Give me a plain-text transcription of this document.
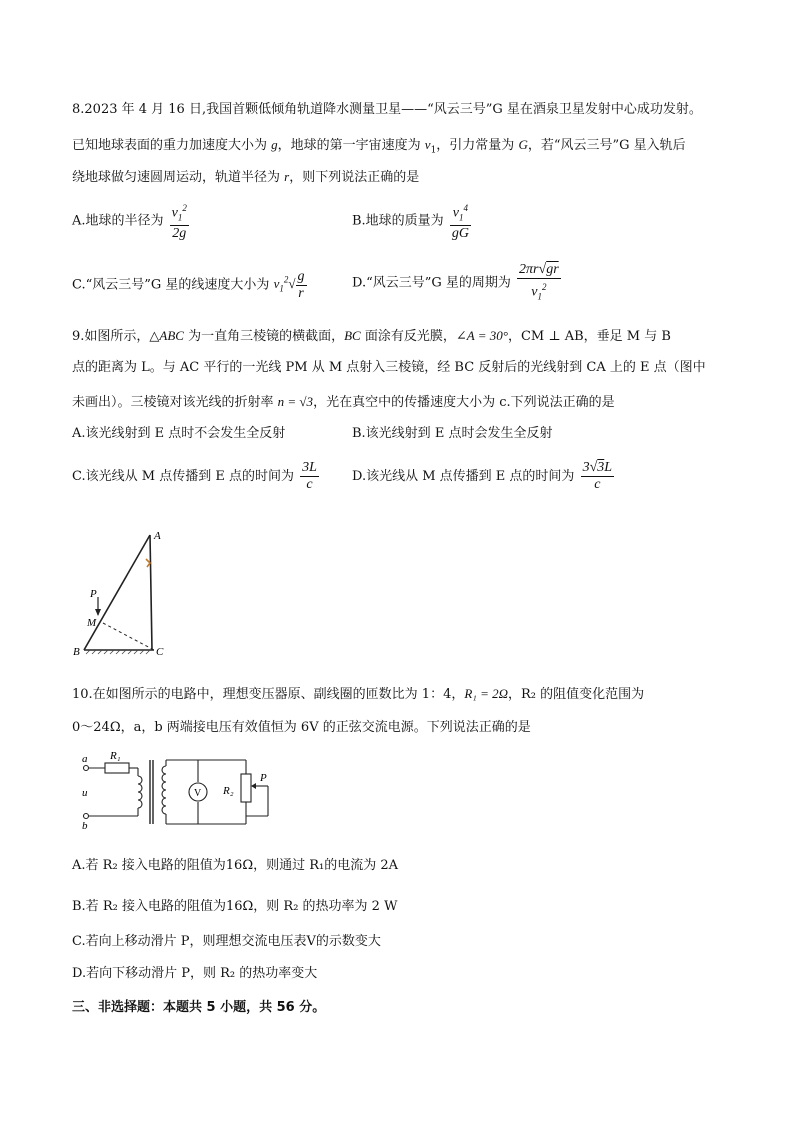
8.2023 年 4 月 16 日,我国首颗低倾角轨道降水测量卫星——“风云三号”G 星在酒泉卫星发射中心成功发射。
已知地球表面的重力加速度大小为 g，地球的第一宇宙速度为 $v_1$，引力常量为 G，若“风云三号”G 星入轨后
绕地球做匀速圆周运动，轨道半径为 r，则下列说法正确的是
A.地球的半径为 $\frac{v_1^2}{2g}$	B.地球的质量为 $\frac{v_1^4}{gG}$
C.“风云三号”G 星的线速度大小为 $v_1^2√ \frac{g}{r}$	D.“风云三号”G 星的周期为 $\frac{2\pi r√gr}{v_1^2}$
9.如图所示，△ABC 为一直角三棱镜的横截面，BC 面涂有反光膜，∠A = 30°，CM ⊥ AB，垂足 M 与 B
点的距离为 L。与 AC 平行的一光线 PM 从 M 点射入三棱镜，经 BC 反射后的光线射到 CA 上的 E 点（图中
未画出）。三棱镜对该光线的折射率 n = √3，光在真空中的传播速度大小为 c.下列说法正确的是
A.该光线射到 E 点时不会发生全反射	B.该光线射到 E 点时会发生全反射
C.该光线从 M 点传播到 E 点的时间为 $\frac{3L}{c}$	D.该光线从 M 点传播到 E 点的时间为 $\frac{3√3L}{c}$
A
B	C
M
P
10.在如图所示的电路中，理想变压器原、副线圈的匝数比为 1：4，R₁ = 2Ω，R₂ 的阻值变化范围为
0～24Ω，a，b 两端接电压有效值恒为 6V 的正弦交流电源。下列说法正确的是
a
u
b
R₁
R₂
V
P
A.若 R₂ 接入电路的阻值为16Ω，则通过 R₁的电流为 2A
B.若 R₂ 接入电路的阻值为16Ω，则 R₂ 的热功率为 2 W
C.若向上移动滑片 P，则理想交流电压表V的示数变大
D.若向下移动滑片 P，则 R₂ 的热功率变大
三、非选择题：本题共 5 小题，共 56 分。
